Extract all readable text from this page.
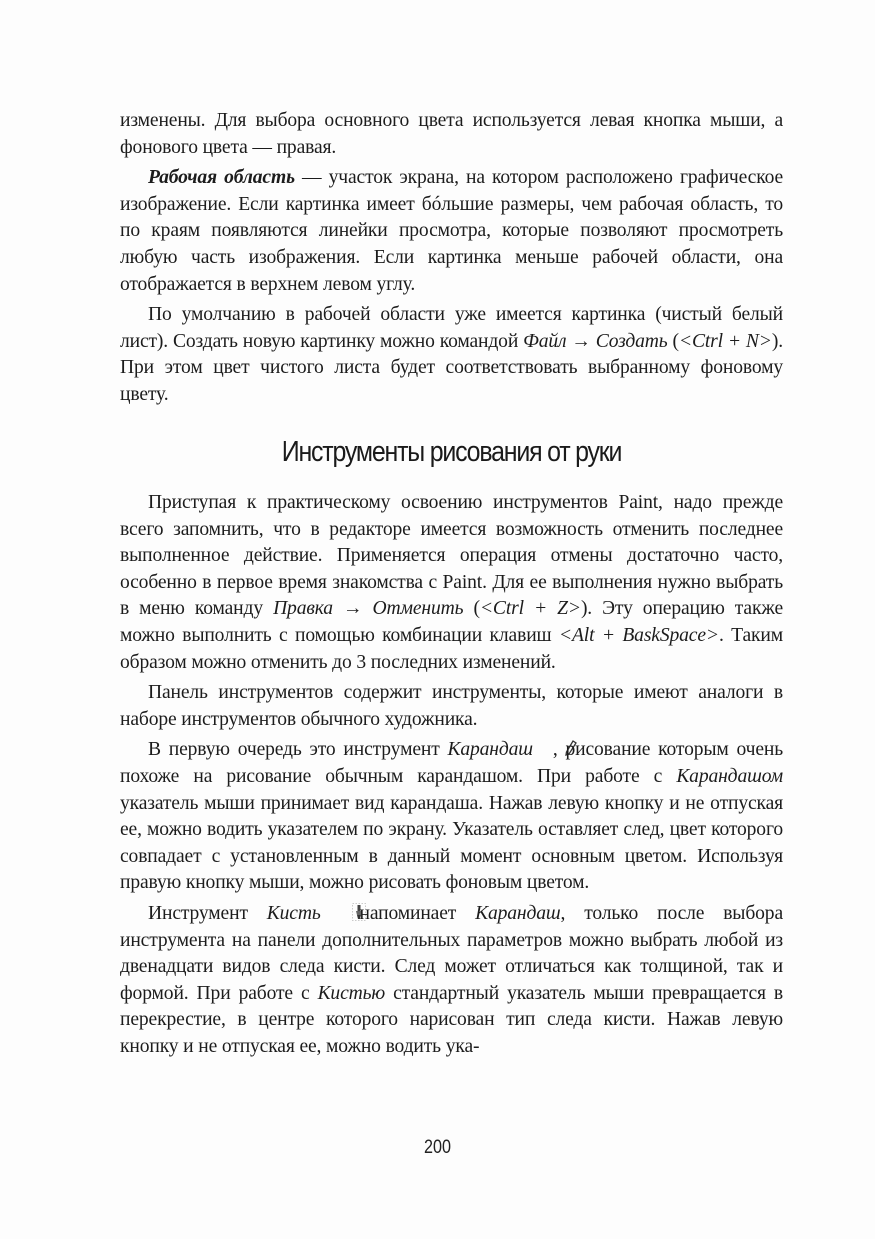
изменены. Для выбора основного цвета используется левая кнопка мыши, а фонового цвета — правая.

Рабочая область — участок экрана, на котором расположено графическое изображение. Если картинка имеет бóльшие размеры, чем рабочая область, то по краям появляются линейки просмотра, которые позволяют просмотреть любую часть изображения. Если картинка меньше рабочей области, она отображается в верхнем левом углу.

По умолчанию в рабочей области уже имеется картинка (чистый белый лист). Создать новую картинку можно командой Файл → Создать (<Ctrl + N>). При этом цвет чистого листа будет соответствовать выбранному фоновому цвету.

Инструменты рисования от руки

Приступая к практическому освоению инструментов Paint, надо прежде всего запомнить, что в редакторе имеется возможность отменить последнее выполненное действие. Применяется операция отмены достаточно часто, особенно в первое время знакомства с Paint. Для ее выполнения нужно выбрать в меню команду Правка → Отменить (<Ctrl + Z>). Эту операцию также можно выполнить с помощью комбинации клавиш <Alt + BaskSpace>. Таким образом можно отменить до 3 последних изменений.

Панель инструментов содержит инструменты, которые имеют аналоги в наборе инструментов обычного художника.

В первую очередь это инструмент Карандаш , рисование которым очень похоже на рисование обычным карандашом. При работе с Карандашом указатель мыши принимает вид карандаша. Нажав левую кнопку и не отпуская ее, можно водить указателем по экрану. Указатель оставляет след, цвет которого совпадает с установленным в данный момент основным цветом. Используя правую кнопку мыши, можно рисовать фоновым цветом.

Инструмент Кисть напоминает Карандаш, только после выбора инструмента на панели дополнительных параметров можно выбрать любой из двенадцати видов следа кисти. След может отличаться как толщиной, так и формой. При работе с Кистью стандартный указатель мыши превращается в перекрестие, в центре которого нарисован тип следа кисти. Нажав левую кнопку и не отпуская ее, можно водить ука-

200
